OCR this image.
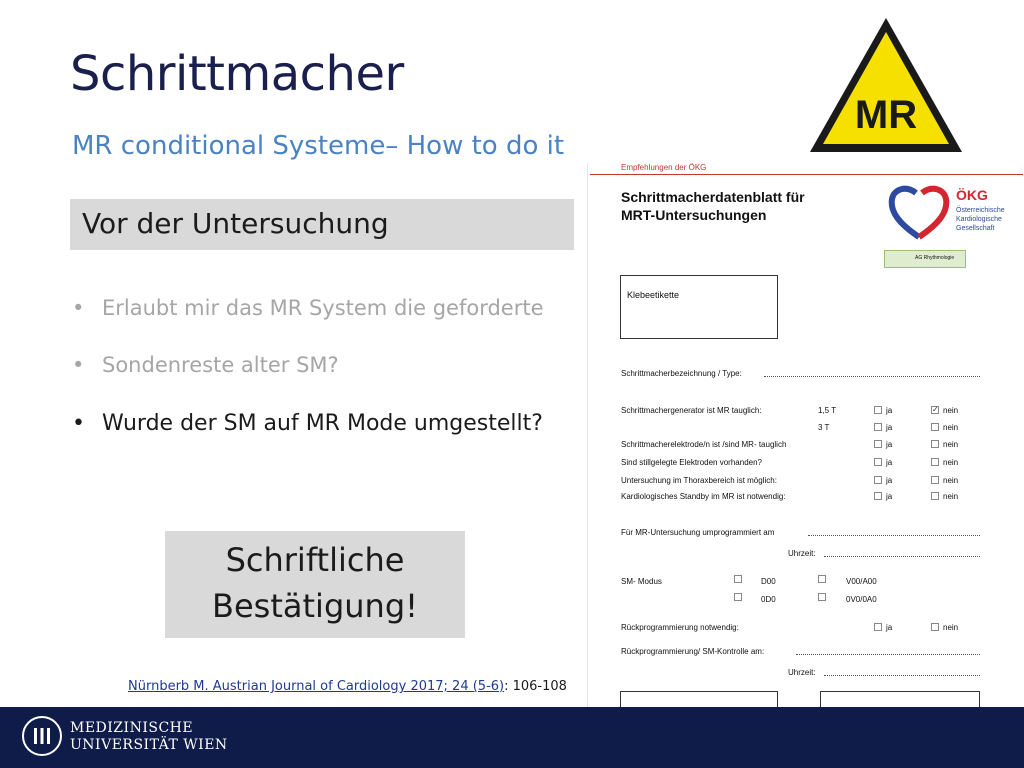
Schrittmacher
MR conditional Systeme– How to do it
Vor der Untersuchung
• Erlaubt mir das MR System die geforderte
• Sondenreste alter SM?
• Wurde der SM auf MR Mode umgestellt?
Schriftliche
Bestätigung!
Nürnberb M. Austrian Journal of Cardiology 2017; 24 (5-6): 106-108
MR
Empfehlungen der ÖKG
Schrittmacherdatenblatt für
MRT-Untersuchungen
ÖKG
Österreichische
Kardiologische
Gesellschaft
AG Rhythmologie
Klebeetikette
Schrittmacherbezeichnung / Type:
Schrittmachergenerator ist MR tauglich:	1,5 T	ja	✓ nein
3 T	ja	nein
Schrittmacherelektrode/n ist /sind MR- tauglich	ja	nein
Sind stillgelegte Elektroden vorhanden?	ja	nein
Untersuchung im Thoraxbereich ist möglich:	ja	nein
Kardiologisches Standby im MR ist notwendig:	ja	nein
Für MR-Untersuchung umprogrammiert am
Uhrzeit:
SM- Modus	D00	V00/A00
0D0	0V0/0A0
Rückprogrammierung notwendig:	ja	nein
Rückprogrammierung/ SM-Kontrolle am:
Uhrzeit:
MEDIZINISCHE
UNIVERSITÄT WIEN
